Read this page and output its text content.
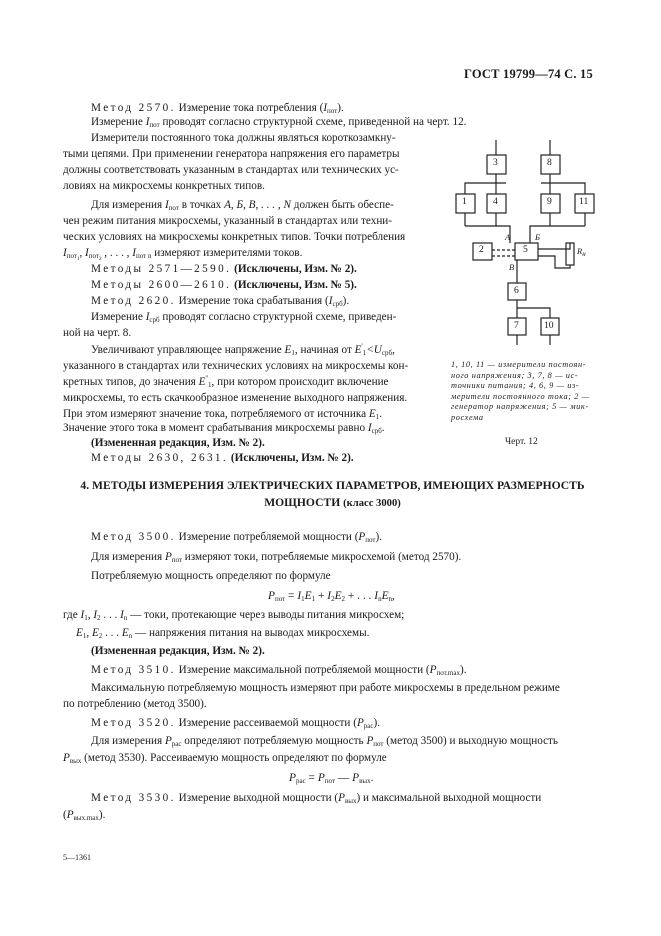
ГОСТ 19799—74 С. 15
Метод 2570. Измерение тока потребления $(I_{пот})$.
Измерение $I_{пот}$ проводят согласно структурной схеме, приведенной на черт. 12.
Измерители постоянного тока должны являться короткозамкну-
тыми цепями. При применении генератора напряжения его параметры
должны соответствовать указанным в стандартах или технических ус-
ловиях на микросхемы конкретных типов.
Для измерения $I_{пот}$ в точках А, Б, В, . . . , N должен быть обеспе-
чен режим питания микросхемы, указанный в стандартах или техни-
ческих условиях на микросхемы конкретных типов. Точки потребления
$I_{пот_1}$, $I_{пот_2}$ , . . . , $I_{пот n}$ измеряют измерителями токов.
Методы 2571—2590. (Исключены, Изм. № 2).
Методы 2600—2610. (Исключены, Изм. № 5).
Метод 2620. Измерение тока срабатывания $(I_{срб})$.
Измерение $I_{срб}$ проводят согласно структурной схеме, приведен-
ной на черт. 8.
Увеличивают управляющее напряжение $E_1$, начиная от $E'_1<U_{срб}$,
указанного в стандартах или технических условиях на микросхемы кон-
кретных типов, до значения $E''_1$, при котором происходит включение
микросхемы, то есть скачкообразное изменение выходного напряжения.
При этом измеряют значение тока, потребляемого от источника $E_1$.
Значение этого тока в момент срабатывания микросхемы равно $I_{срб}$.
(Измененная редакция, Изм. № 2).
Методы 2630, 2631. (Исключены, Изм. № 2).
3	8
1	4	9	11
2	5
6
7	10
А	Б
В
$R_н$
1, 10, 11 — измерители постоян-
ного напряжения; 3, 7, 8 — ис-
точники питания; 4, 6, 9 — из-
мерители постоянного тока; 2 —
генератор напряжения; 5 — мик-
росхема
Черт. 12
4. МЕТОДЫ ИЗМЕРЕНИЯ ЭЛЕКТРИЧЕСКИХ ПАРАМЕТРОВ, ИМЕЮЩИХ РАЗМЕРНОСТЬ
МОЩНОСТИ (класс 3000)
Метод 3500. Измерение потребляемой мощности $(P_{пот})$.
Для измерения $P_{пот}$ измеряют токи, потребляемые микросхемой (метод 2570).
Потребляемую мощность определяют по формуле
$P_{пот} = I_1E_1 + I_2E_2$ + . . . $I_nE_n$,
где $I_1$, $I_2$ . . . $I_n$ — токи, протекающие через выводы питания микросхем;
$E_1$, $E_2$ . . . $E_n$ — напряжения питания на выводах микросхемы.
(Измененная редакция, Изм. № 2).
Метод 3510. Измерение максимальной потребляемой мощности $(P_{пот.max})$.
Максимальную потребляемую мощность измеряют при работе микросхемы в предельном режиме
по потреблению (метод 3500).
Метод 3520. Измерение рассеиваемой мощности $(P_{рас})$.
Для измерения $P_{рас}$ определяют потребляемую мощность $P_{пот}$ (метод 3500) и выходную мощность
$P_{вых}$ (метод 3530). Рассеиваемую мощность определяют по формуле
$P_{рас} = P_{пот}$ — $P_{вых}$.
Метод 3530. Измерение выходной мощности $(P_{вых})$ и максимальной выходной мощности
$(P_{вых.max})$.
5—1361
